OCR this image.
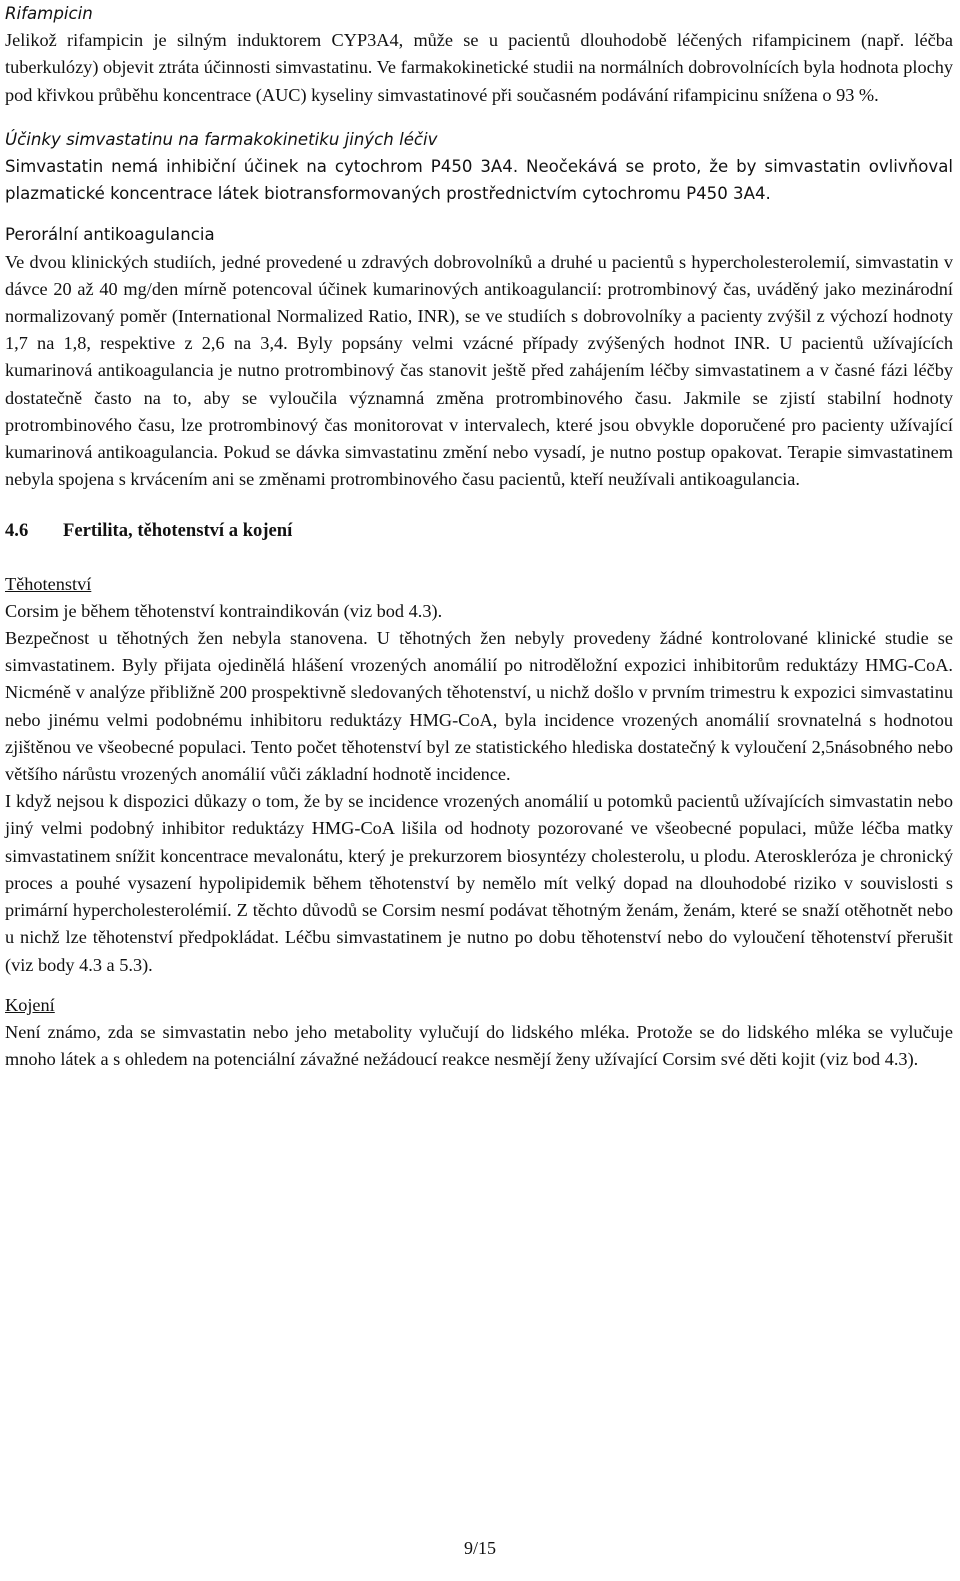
Rifampicin

Jelikož rifampicin je silným induktorem CYP3A4, může se u pacientů dlouhodobě léčených rifampicinem (např. léčba tuberkulózy) objevit ztráta účinnosti simvastatinu. Ve farmakokinetické studii na normálních dobrovolnících byla hodnota plochy pod křivkou průběhu koncentrace (AUC) kyseliny simvastatinové při současném podávání rifampicinu snížena o 93 %.

Účinky simvastatinu na farmakokinetiku jiných léčiv

Simvastatin nemá inhibiční účinek na cytochrom P450 3A4. Neočekává se proto, že by simvastatin ovlivňoval plazmatické koncentrace látek biotransformovaných prostřednictvím cytochromu P450 3A4.

Perorální antikoagulancia

Ve dvou klinických studiích, jedné provedené u zdravých dobrovolníků a druhé u pacientů s hypercholesterolemií, simvastatin v dávce 20 až 40 mg/den mírně potencoval účinek kumarinových antikoagulancií: protrombinový čas, uváděný jako mezinárodní normalizovaný poměr (International Normalized Ratio, INR), se ve studiích s dobrovolníky a pacienty zvýšil z výchozí hodnoty 1,7 na 1,8, respektive z 2,6 na 3,4. Byly popsány velmi vzácné případy zvýšených hodnot INR. U pacientů užívajících kumarinová antikoagulancia je nutno protrombinový čas stanovit ještě před zahájením léčby simvastatinem a v časné fázi léčby dostatečně často na to, aby se vyloučila významná změna protrombinového času. Jakmile se zjistí stabilní hodnoty protrombinového času, lze protrombinový čas monitorovat v intervalech, které jsou obvykle doporučené pro pacienty užívající kumarinová antikoagulancia. Pokud se dávka simvastatinu změní nebo vysadí, je nutno postup opakovat. Terapie simvastatinem nebyla spojena s krvácením ani se změnami protrombinového času pacientů, kteří neužívali antikoagulancia.

4.6 Fertilita, těhotenství a kojení

Těhotenství

Corsim je během těhotenství kontraindikován (viz bod 4.3).

Bezpečnost u těhotných žen nebyla stanovena. U těhotných žen nebyly provedeny žádné kontrolované klinické studie se simvastatinem. Byly přijata ojedinělá hlášení vrozených anomálií po nitroděložní expozici inhibitorům reduktázy HMG-CoA. Nicméně v analýze přibližně 200 prospektivně sledovaných těhotenství, u nichž došlo v prvním trimestru k expozici simvastatinu nebo jinému velmi podobnému inhibitoru reduktázy HMG-CoA, byla incidence vrozených anomálií srovnatelná s hodnotou zjištěnou ve všeobecné populaci. Tento počet těhotenství byl ze statistického hlediska dostatečný k vyloučení 2,5násobného nebo většího nárůstu vrozených anomálií vůči základní hodnotě incidence.

I když nejsou k dispozici důkazy o tom, že by se incidence vrozených anomálií u potomků pacientů užívajících simvastatin nebo jiný velmi podobný inhibitor reduktázy HMG-CoA lišila od hodnoty pozorované ve všeobecné populaci, může léčba matky simvastatinem snížit koncentrace mevalonátu, který je prekurzorem biosyntézy cholesterolu, u plodu. Ateroskleróza je chronický proces a pouhé vysazení hypolipidemik během těhotenství by nemělo mít velký dopad na dlouhodobé riziko v souvislosti s primární hypercholesterolémií. Z těchto důvodů se Corsim nesmí podávat těhotným ženám, ženám, které se snaží otěhotnět nebo u nichž lze těhotenství předpokládat. Léčbu simvastatinem je nutno po dobu těhotenství nebo do vyloučení těhotenství přerušit (viz body 4.3 a 5.3).

Kojení

Není známo, zda se simvastatin nebo jeho metabolity vylučují do lidského mléka. Protože se do lidského mléka se vylučuje mnoho látek a s ohledem na potenciální závažné nežádoucí reakce nesmějí ženy užívající Corsim své děti kojit (viz bod 4.3).

9/15
